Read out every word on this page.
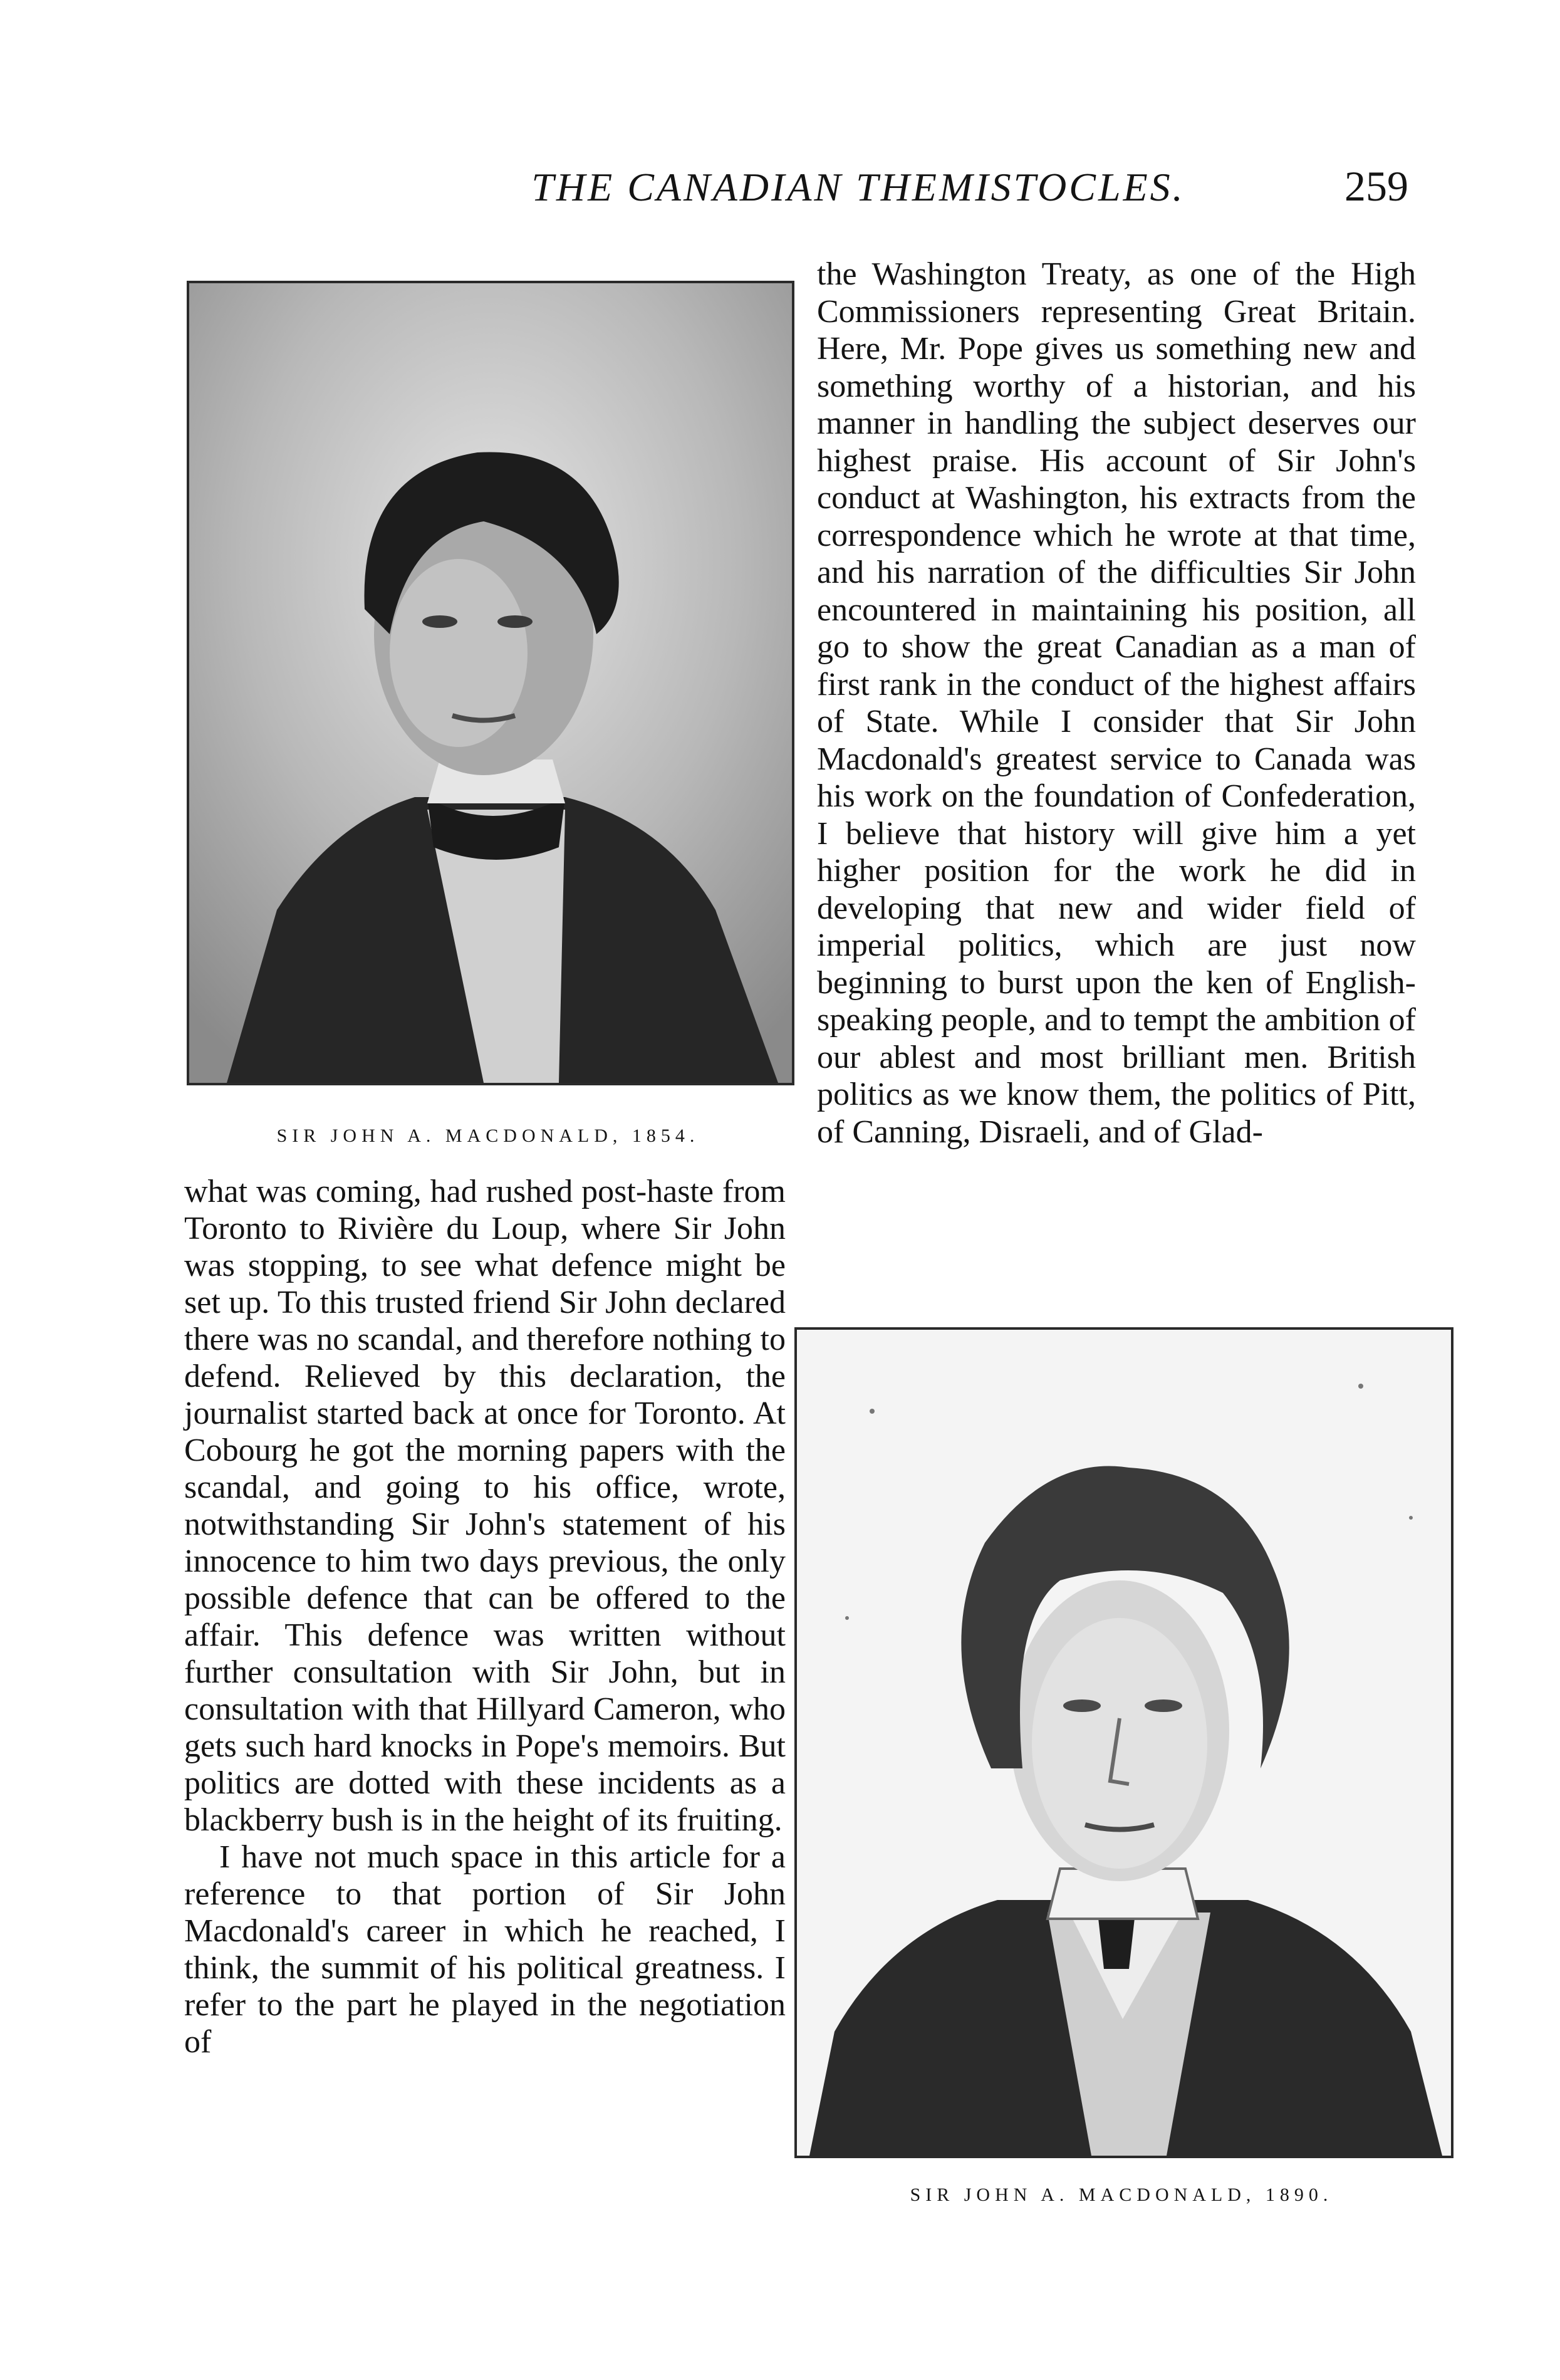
THE CANADIAN THEMISTOCLES.	259
SIR JOHN A. MACDONALD, 1854.

what was coming, had rushed post-haste from Toronto to Rivière du Loup, where Sir John was stopping, to see what defence might be set up. To this trusted friend Sir John declared there was no scandal, and therefore nothing to defend. Relieved by this declaration, the journalist started back at once for Toronto. At Cobourg he got the morning papers with the scandal, and going to his office, wrote, notwithstanding Sir John's statement of his innocence to him two days previous, the only possible defence that can be offered to the affair. This defence was written without further consultation with Sir John, but in consultation with that Hillyard Cameron, who gets such hard knocks in Pope's memoirs. But politics are dotted with these incidents as a blackberry bush is in the height of its fruiting.

I have not much space in this article for a reference to that portion of Sir John Macdonald's career in which he reached, I think, the summit of his political greatness. I refer to the part he played in the negotiation of

the Washington Treaty, as one of the High Commissioners representing Great Britain. Here, Mr. Pope gives us something new and something worthy of a historian, and his manner in handling the subject deserves our highest praise. His account of Sir John's conduct at Washington, his extracts from the correspondence which he wrote at that time, and his narration of the difficulties Sir John encountered in maintaining his position, all go to show the great Canadian as a man of first rank in the conduct of the highest affairs of State. While I consider that Sir John Macdonald's greatest service to Canada was his work on the foundation of Confederation, I believe that history will give him a yet higher position for the work he did in developing that new and wider field of imperial politics, which are just now beginning to burst upon the ken of English-speaking people, and to tempt the ambition of our ablest and most brilliant men. British politics as we know them, the politics of Pitt, of Canning, Disraeli, and of Glad-

SIR JOHN A. MACDONALD, 1890.
